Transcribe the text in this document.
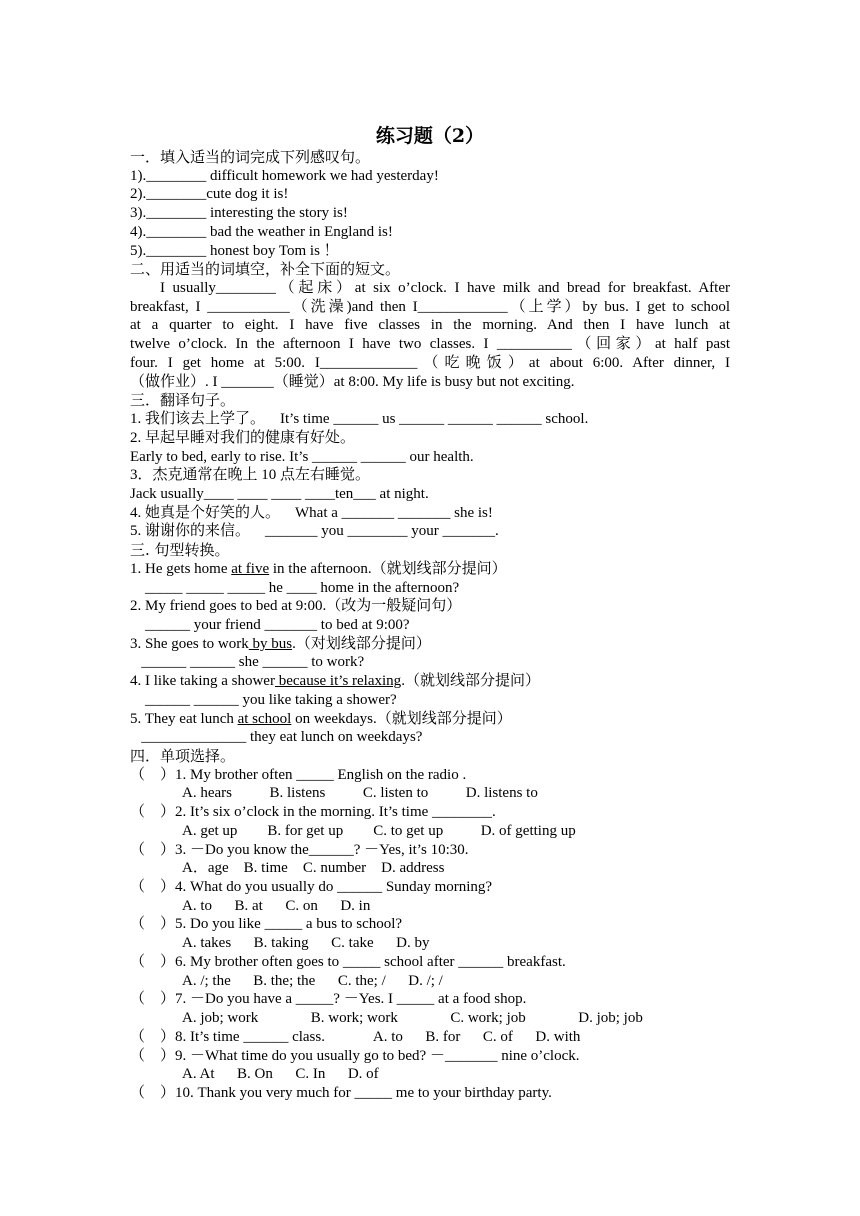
练习题（2）
一．填入适当的词完成下列感叹句。
1).________ difficult homework we had yesterday!
2).________cute dog it is!
3).________ interesting the story is!
4).________ bad the weather in England is!
5).________ honest boy Tom is ！
二、用适当的词填空，补全下面的短文。
I usually________（起床）at six o’clock. I have milk and bread for breakfast. After
breakfast, I ___________（洗澡)and then I____________（上学）by bus. I get to school
at a quarter to eight. I have five classes in the morning. And then I have lunch at
twelve o’clock. In the afternoon I have two classes. I __________（回家）at half past
four. I get home at 5:00. I_____________（吃晚饭）at about 6:00. After dinner, I
（做作业）. I _______（睡觉）at 8:00. My life is busy but not exciting.
三．翻译句子。
1. 我们该去上学了。    It’s time ______ us ______ ______ ______ school.
2. 早起早睡对我们的健康有好处。
Early to bed, early to rise. It’s ______ ______ our health.
3．杰克通常在晚上 10 点左右睡觉。
Jack usually____ ____ ____ ____ten___ at night.
4. 她真是个好笑的人。    What a _______ _______ she is!
5. 谢谢你的来信。    _______ you ________ your _______.
三. 句型转换。
1. He gets home at five in the afternoon.（就划线部分提问）
_____ _____ _____ he ____ home in the afternoon?
2. My friend goes to bed at 9:00.（改为一般疑问句）
______ your friend _______ to bed at 9:00?
3. She goes to work by bus.（对划线部分提问）
______ ______ she ______ to work?
4. I like taking a shower because it’s relaxing.（就划线部分提问）
______ ______ you like taking a shower?
5. They eat lunch at school on weekdays.（就划线部分提问）
______________ they eat lunch on weekdays?
四．单项选择。
（    ）1. My brother often _____ English on the radio .
A. hears          B. listens          C. listen to          D. listens to
（    ）2. It’s six o’clock in the morning. It’s time ________.
A. get up        B. for get up        C. to get up          D. of getting up
（    ）3. －Do you know the______? －Yes, it’s 10:30.
A．age    B. time    C. number    D. address
（    ）4. What do you usually do ______ Sunday morning?
A. to      B. at      C. on      D. in
（    ）5. Do you like _____ a bus to school?
A. takes      B. taking      C. take      D. by
（    ）6. My brother often goes to _____ school after ______ breakfast.
A. /; the      B. the; the      C. the; /      D. /; /
（    ）7. －Do you have a _____? －Yes. I _____ at a food shop.
A. job; work              B. work; work              C. work; job              D. job; job
（    ）8. It’s time ______ class.             A. to      B. for      C. of      D. with
（    ）9. －What time do you usually go to bed? －_______ nine o’clock.
A. At      B. On      C. In      D. of
（    ）10. Thank you very much for _____ me to your birthday party.
